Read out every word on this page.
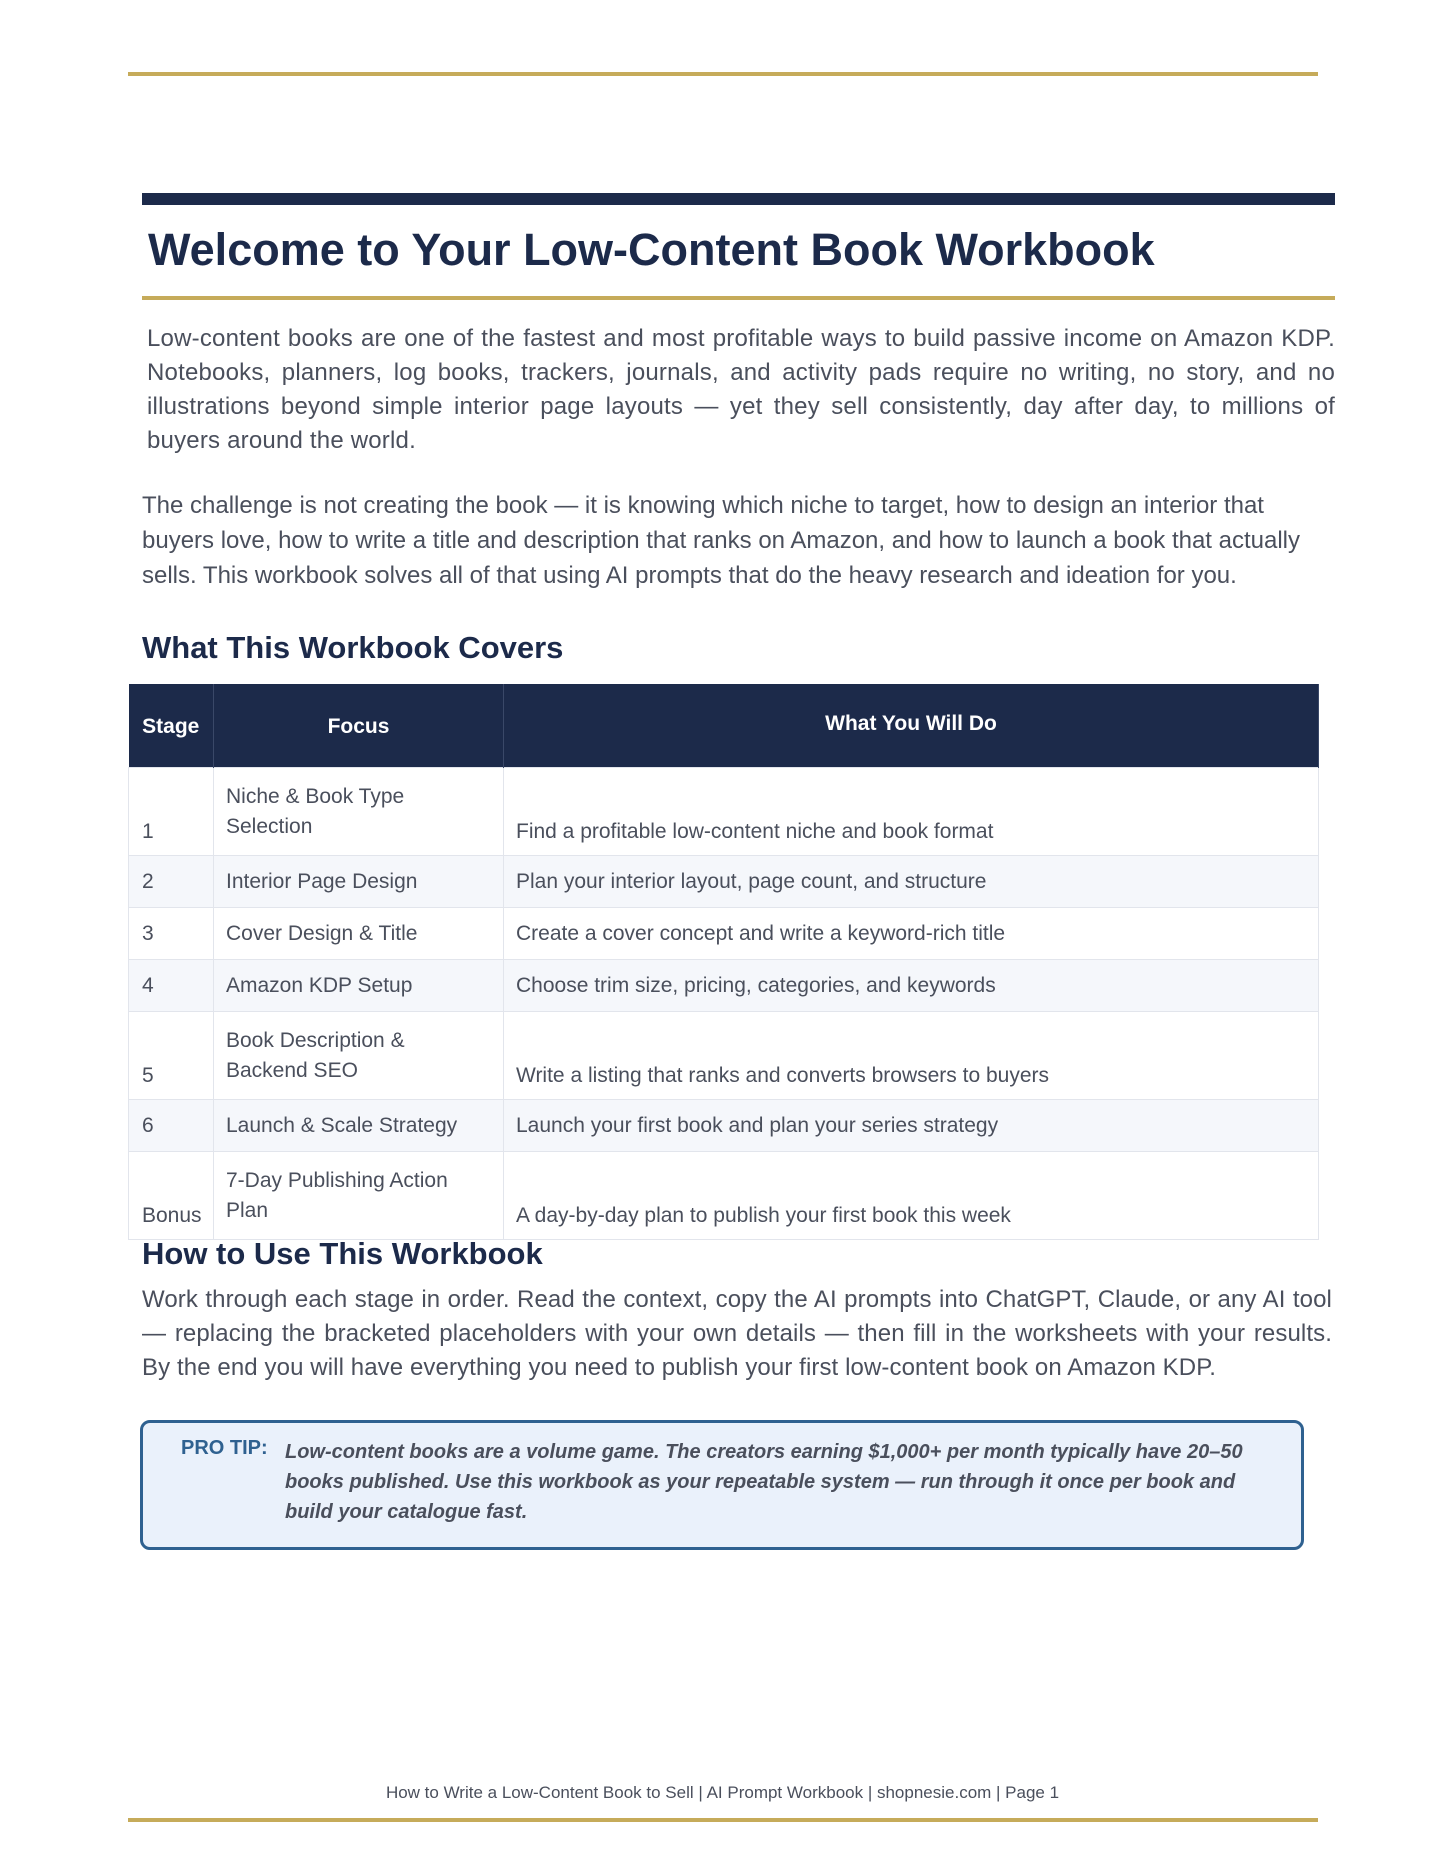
Welcome to Your Low-Content Book Workbook

Low-content books are one of the fastest and most profitable ways to build passive income on Amazon KDP. Notebooks, planners, log books, trackers, journals, and activity pads require no writing, no story, and no illustrations beyond simple interior page layouts — yet they sell consistently, day after day, to millions of buyers around the world.

The challenge is not creating the book — it is knowing which niche to target, how to design an interior that buyers love, how to write a title and description that ranks on Amazon, and how to launch a book that actually sells. This workbook solves all of that using AI prompts that do the heavy research and ideation for you.

What This Workbook Covers
Stage	Focus	What You Will Do
1	Niche & Book Type Selection	Find a profitable low-content niche and book format
2	Interior Page Design	Plan your interior layout, page count, and structure
3	Cover Design & Title	Create a cover concept and write a keyword-rich title
4	Amazon KDP Setup	Choose trim size, pricing, categories, and keywords
5	Book Description & Backend SEO	Write a listing that ranks and converts browsers to buyers
6	Launch & Scale Strategy	Launch your first book and plan your series strategy
Bonus	7-Day Publishing Action Plan	A day-by-day plan to publish your first book this week
How to Use This Workbook

Work through each stage in order. Read the context, copy the AI prompts into ChatGPT, Claude, or any AI tool — replacing the bracketed placeholders with your own details — then fill in the worksheets with your results. By the end you will have everything you need to publish your first low-content book on Amazon KDP.

PRO TIP: Low-content books are a volume game. The creators earning $1,000+ per month typically have 20–50 books published. Use this workbook as your repeatable system — run through it once per book and build your catalogue fast.
How to Write a Low-Content Book to Sell | AI Prompt Workbook | shopnesie.com | Page 1
